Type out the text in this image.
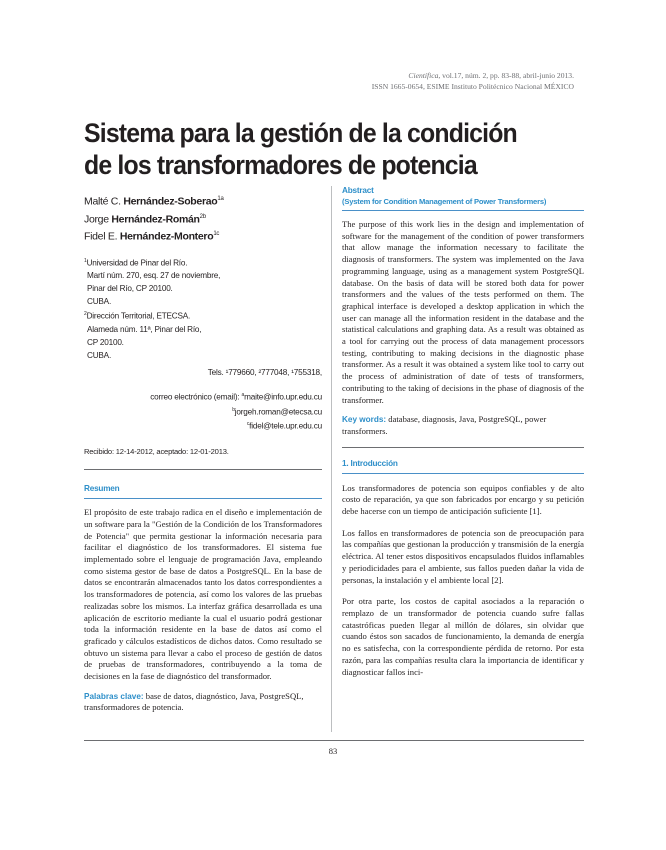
Científica, vol.17, núm. 2, pp. 83-88, abril-junio 2013.
ISSN 1665-0654, ESIME Instituto Politécnico Nacional MÉXICO
Sistema para la gestión de la condición
de los transformadores de potencia
Malté C. Hernández-Soberao$^{1a}$
Jorge Hernández-Román$^{2b}$
Fidel E. Hernández-Montero$^{1c}$
$^1$Universidad de Pinar del Río.
Martí núm. 270, esq. 27 de noviembre,
Pinar del Río, CP 20100.
CUBA.
$^2$Dirección Territorial, ETECSA.
Alameda núm. 11ª, Pinar del Río,
CP 20100.
CUBA.
Tels. ¹779660, ²777048, ¹755318,
correo electrónico (email): $^a$maite@info.upr.edu.cu
$^b$jorgeh.roman@etecsa.cu
$^c$fidel@tele.upr.edu.cu
Recibido: 12-14-2012, aceptado: 12-01-2013.
Resumen
El propósito de este trabajo radica en el diseño e implementación de un software para la "Gestión de la Condición de los Transformadores de Potencia" que permita gestionar la información necesaria para facilitar el diagnóstico de los transformadores. El sistema fue implementado sobre el lenguaje de programación Java, empleando como sistema gestor de base de datos a PostgreSQL. En la base de datos se encontrarán almacenados tanto los datos correspondientes a los transformadores de potencia, así como los valores de las pruebas realizadas sobre los mismos. La interfaz gráfica desarrollada es una aplicación de escritorio mediante la cual el usuario podrá gestionar toda la información residente en la base de datos así como el graficado y cálculos estadísticos de dichos datos. Como resultado se obtuvo un sistema para llevar a cabo el proceso de gestión de datos de pruebas de transformadores, contribuyendo a la toma de decisiones en la fase de diagnóstico del transformador.
Palabras clave: base de datos, diagnóstico, Java, PostgreSQL, transformadores de potencia.
Abstract
(System for Condition Management of Power Transformers)
The purpose of this work lies in the design and implementation of software for the management of the condition of power transformers that allow manage the information necessary to facilitate the diagnosis of transformers. The system was implemented on the Java programming language, using as a management system PostgreSQL database. On the basis of data will be stored both data for power transformers and the values of the tests performed on them. The graphical interface is developed a desktop application in which the user can manage all the information resident in the database and the statistical calculations and graphing data. As a result was obtained as a tool for carrying out the process of data management processors testing, contributing to making decisions in the diagnostic phase transformer. As a result it was obtained a system like tool to carry out the process of administration of date of tests of transformers, contributing to the taking of decisions in the phase of diagnosis of the transformer.
Key words: database, diagnosis, Java, PostgreSQL, power transformers.
1. Introducción
Los transformadores de potencia son equipos confiables y de alto costo de reparación, ya que son fabricados por encargo y su petición debe hacerse con un tiempo de anticipación suficiente [1].
Los fallos en transformadores de potencia son de preocupación para las compañías que gestionan la producción y transmisión de la energía eléctrica. Al tener estos dispositivos encapsulados fluidos inflamables y periodicidades para el ambiente, sus fallos pueden dañar la vida de personas, la instalación y el ambiente local [2].
Por otra parte, los costos de capital asociados a la reparación o remplazo de un transformador de potencia cuando sufre fallas catastróficas pueden llegar al millón de dólares, sin olvidar que cuando éstos son sacados de funcionamiento, la demanda de energía no es satisfecha, con la correspondiente pérdida de retorno. Por esta razón, para las compañías resulta clara la importancia de identificar y diagnosticar fallos inci-
83
